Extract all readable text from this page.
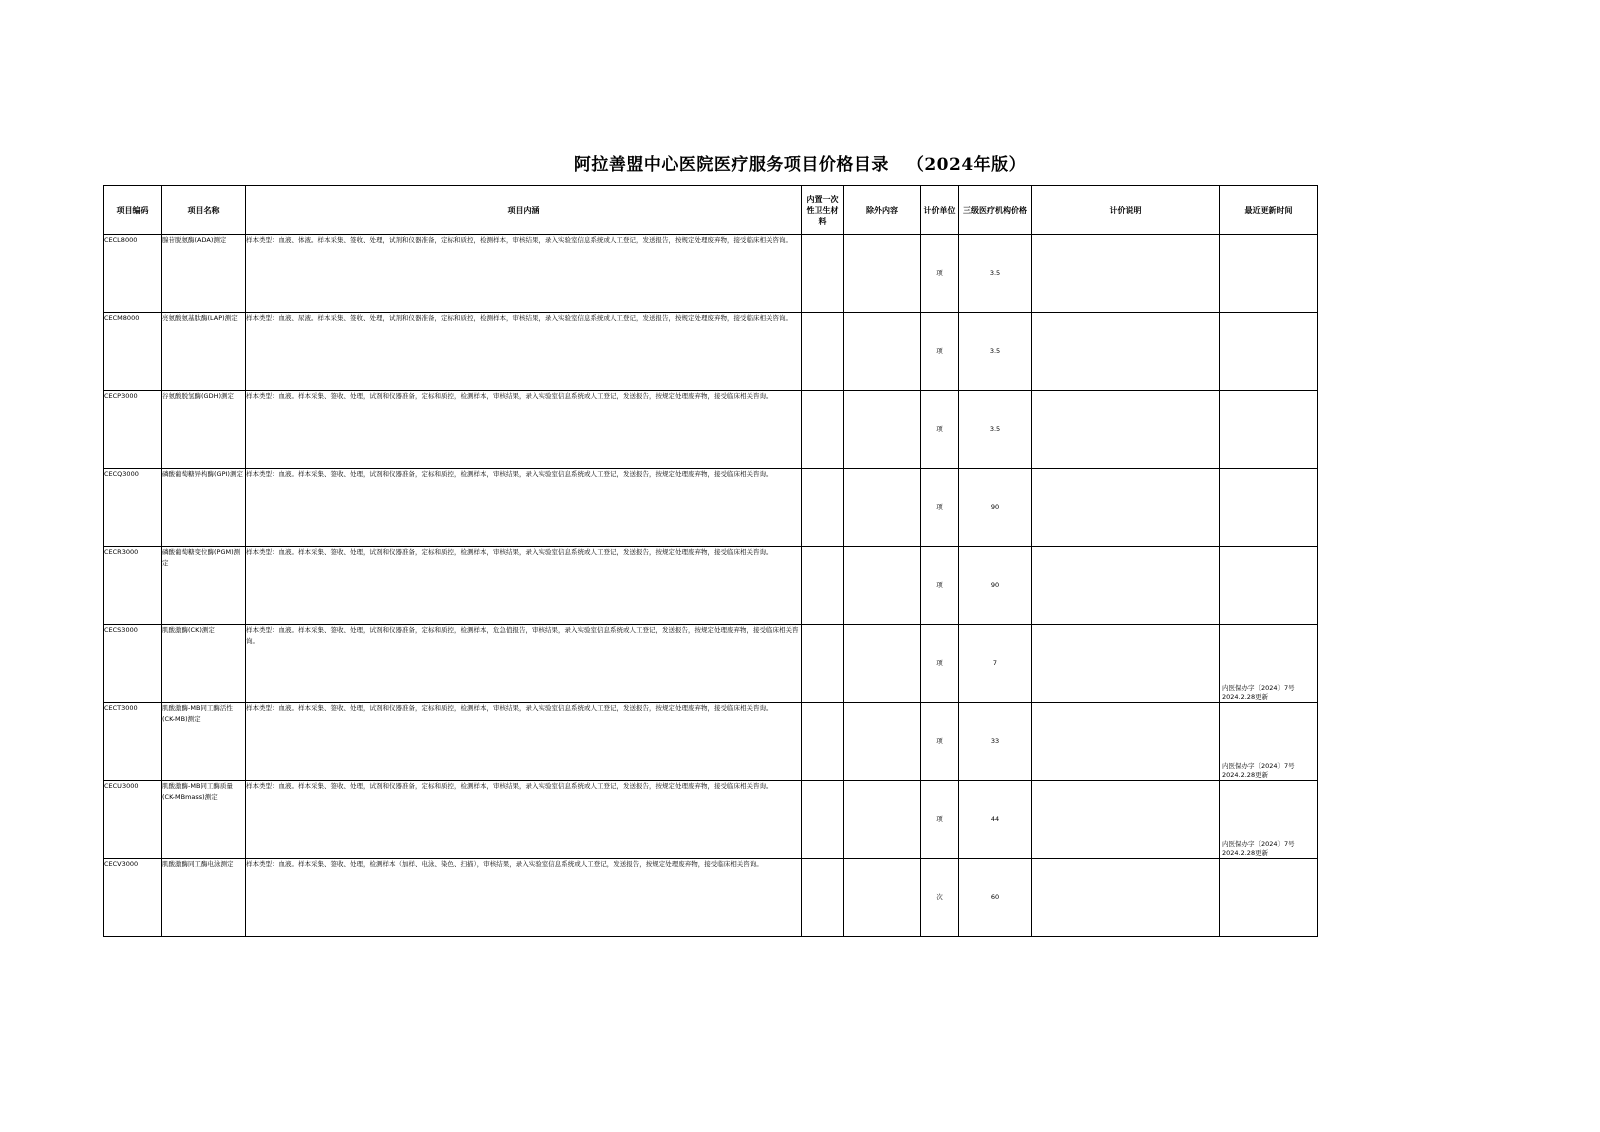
阿拉善盟中心医院医疗服务项目价格目录 （2024年版）
项目编码	项目名称	项目内涵	内置一次性卫生材料	除外内容	计价单位	三级医疗机构价格	计价说明	最近更新时间
CECL8000	腺苷脱氨酶(ADA)测定	样本类型：血液、体液。样本采集、签收、处理，试剂和仪器准备，定标和质控，检测样本，审核结果，录入实验室信息系统或人工登记，发送报告，按规定处理废弃物，接受临床相关咨询。			项	3.5		
CECM8000	亮氨酸氨基肽酶(LAP)测定	样本类型：血液、尿液。样本采集、签收、处理，试剂和仪器准备，定标和质控，检测样本，审核结果，录入实验室信息系统或人工登记，发送报告，按规定处理废弃物，接受临床相关咨询。			项	3.5		
CECP3000	谷氨酸脱氢酶(GDH)测定	样本类型：血液。样本采集、签收、处理，试剂和仪器准备，定标和质控，检测样本，审核结果，录入实验室信息系统或人工登记，发送报告，按规定处理废弃物，接受临床相关咨询。			项	3.5		
CECQ3000	磷酸葡萄糖异构酶(GPI)测定	样本类型：血液。样本采集、签收、处理，试剂和仪器准备，定标和质控，检测样本，审核结果，录入实验室信息系统或人工登记，发送报告，按规定处理废弃物，接受临床相关咨询。			项	90		
CECR3000	磷酸葡萄糖变位酶(PGM)测定	样本类型：血液。样本采集、签收、处理，试剂和仪器准备，定标和质控，检测样本，审核结果，录入实验室信息系统或人工登记，发送报告，按规定处理废弃物，接受临床相关咨询。			项	90		
CECS3000	肌酸激酶(CK)测定	样本类型：血液。样本采集、签收、处理，试剂和仪器准备，定标和质控，检测样本，危急值报告，审核结果，录入实验室信息系统或人工登记，发送报告，按规定处理废弃物，接受临床相关咨询。			项	7		内医保办字〔2024〕7号 2024.2.28更新
CECT3000	肌酸激酶-MB同工酶活性(CK-MB)测定	样本类型：血液。样本采集、签收、处理，试剂和仪器准备，定标和质控，检测样本，审核结果，录入实验室信息系统或人工登记，发送报告，按规定处理废弃物，接受临床相关咨询。			项	33		内医保办字〔2024〕7号 2024.2.28更新
CECU3000	肌酸激酶-MB同工酶质量(CK-MBmass)测定	样本类型：血液。样本采集、签收、处理，试剂和仪器准备，定标和质控，检测样本，审核结果，录入实验室信息系统或人工登记，发送报告，按规定处理废弃物，接受临床相关咨询。			项	44		内医保办字〔2024〕7号 2024.2.28更新
CECV3000	肌酸激酶同工酶电泳测定	样本类型：血液。样本采集、签收、处理，检测样本（加样、电泳、染色、扫描），审核结果，录入实验室信息系统或人工登记，发送报告，按规定处理废弃物，接受临床相关咨询。			次	60		
